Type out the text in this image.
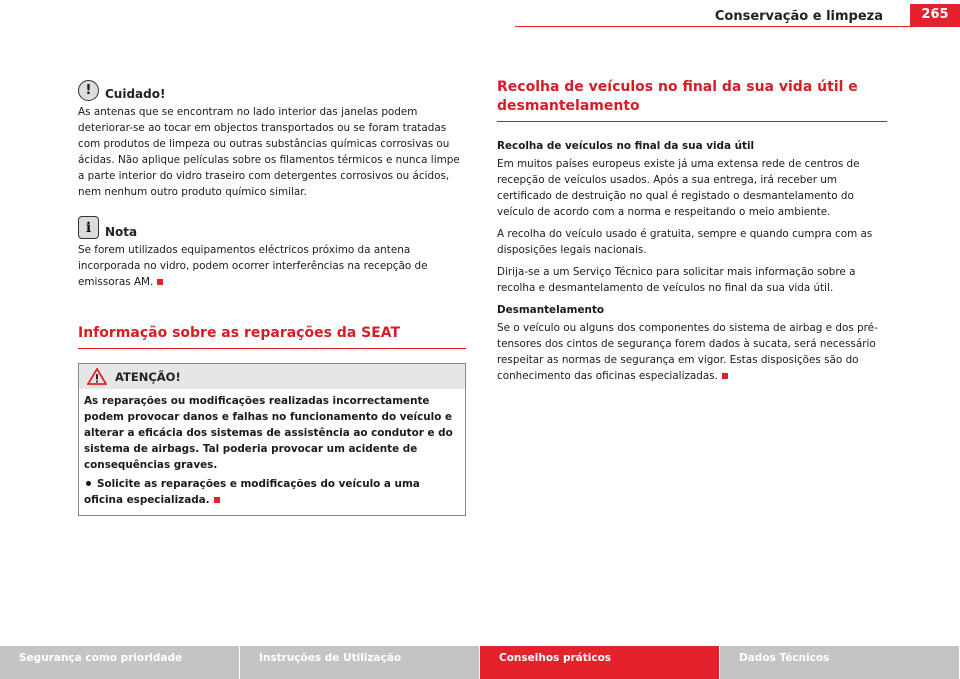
Conservação e limpeza	265
!	Cuidado!

As antenas que se encontram no lado interior das janelas podem deteriorar-se ao tocar em objectos transportados ou se foram tratadas com produtos de limpeza ou outras substâncias químicas corrosivas ou ácidas. Não aplique películas sobre os filamentos térmicos e nunca limpe a parte interior do vidro traseiro com detergentes corrosivos ou ácidos, nem nenhum outro produto químico similar.

i	Nota

Se forem utilizados equipamentos eléctricos próximo da antena incorporada no vidro, podem ocorrer interferências na recepção de emissoras AM.

Informação sobre as reparações da SEAT
ATENÇÃO!

As reparações ou modificações realizadas incorrectamente podem provocar danos e falhas no funcionamento do veículo e alterar a eficácia dos sistemas de assistência ao condutor e do sistema de airbags. Tal poderia provocar um acidente de consequências graves.

Solicite as reparações e modificações do veículo a uma oficina especializada.

Recolha de veículos no final da sua vida útil e desmantelamento
Recolha de veículos no final da sua vida útil

Em muitos países europeus existe já uma extensa rede de centros de recepção de veículos usados. Após a sua entrega, irá receber um certificado de destruição no qual é registado o desmantelamento do veículo de acordo com a norma e respeitando o meio ambiente.

A recolha do veículo usado é gratuita, sempre e quando cumpra com as disposições legais nacionais.

Dirija-se a um Serviço Técnico para solicitar mais informação sobre a recolha e desmantelamento de veículos no final da sua vida útil.

Desmantelamento

Se o veículo ou alguns dos componentes do sistema de airbag e dos pré-tensores dos cintos de segurança forem dados à sucata, será necessário respeitar as normas de segurança em vigor. Estas disposições são do conhecimento das oficinas especializadas.

Segurança como prioridade	Instruções de Utilização	Conselhos práticos	Dados Técnicos
